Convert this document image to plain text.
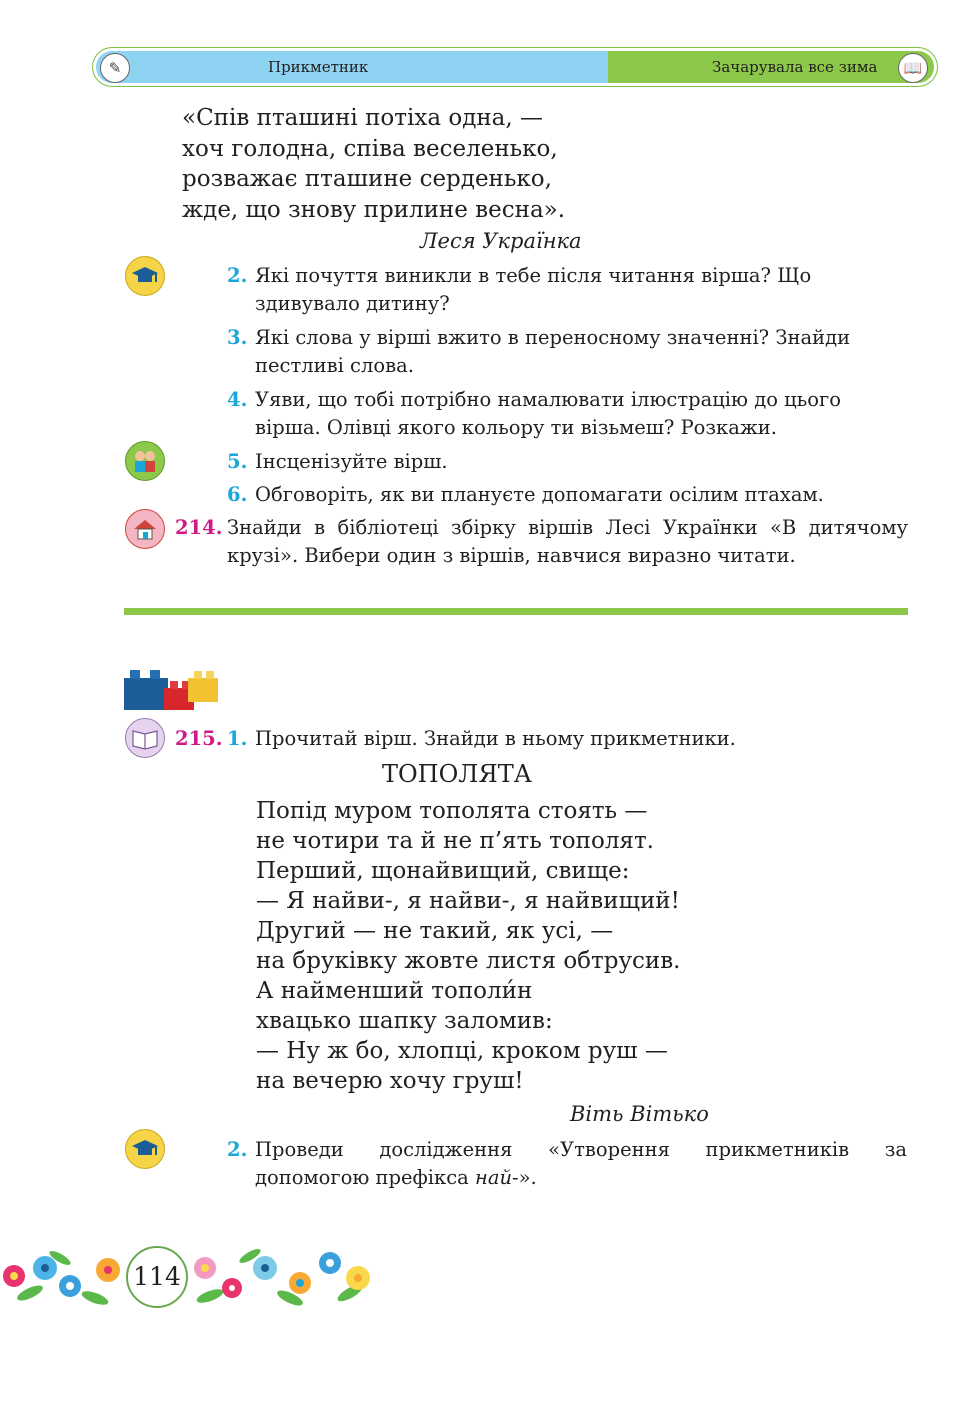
✎	Прикметник	Зачарувала все зима	📖
«Спів пташині потіха одна, —
хоч голодна, співа веселенько,
розважає пташине серденько,
жде, що знову прилине весна».
Леся Українка
2. Які почуття виникли в тебе після читання вірша? Що здивувало дитину?
3. Які слова у вірші вжито в переносному значенні? Знайди пестливі слова.
4. Уяви, що тобі потрібно намалювати ілюстрацію до цього вірша. Олівці якого кольору ти візьмеш? Розкажи.
5. Інсценізуйте вірш.
6. Обговоріть, як ви плануєте допомагати осілим птахам.
214. Знайди в бібліотеці збірку віршів Лесі Українки «В дитячому крузі». Вибери один з віршів, навчися виразно читати.
215. 1. Прочитай вірш. Знайди в ньому прикметники.
ТОПОЛЯТА
Попід муром тополята стоять —
не чотири та й не п’ять тополят.
Перший, щонайвищий, свище:
— Я найви-, я найви-, я найвищий!
Другий — не такий, як усі, —
на бруківку жовте листя обтрусив.
А найменший тополи́н
хвацько шапку заломив:
— Ну ж бо, хлопці, кроком руш —
на вечерю хочу груш!
Віть Вітько
2. Проведи дослідження «Утворення прикметників за допомогою префікса най-».
114
